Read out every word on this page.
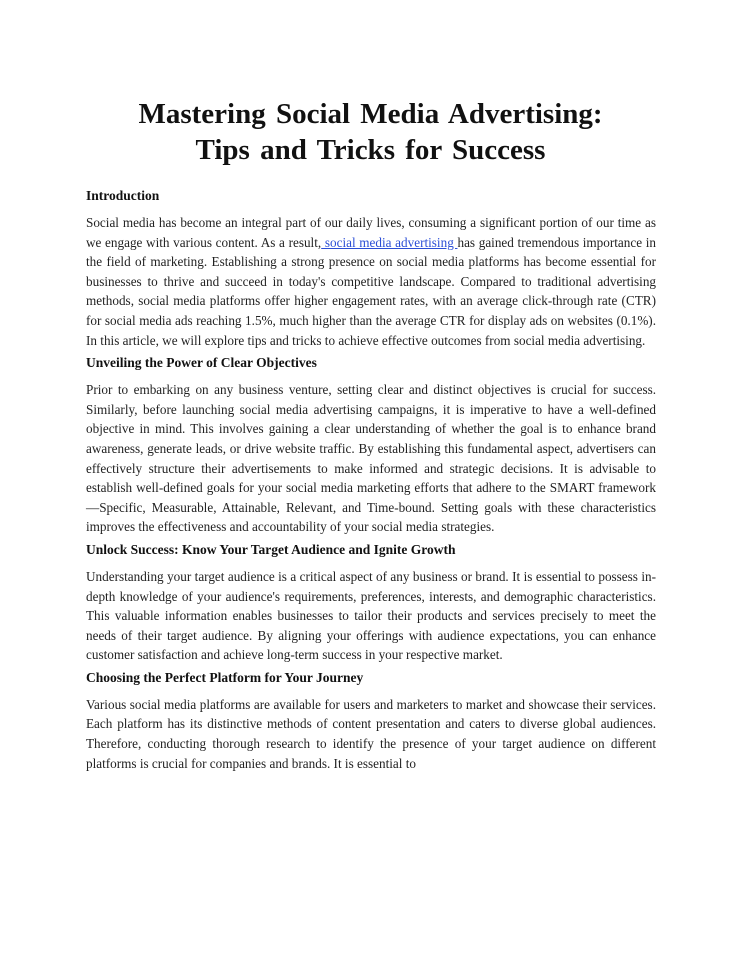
Mastering Social Media Advertising:
Tips and Tricks for Success
Introduction

Social media has become an integral part of our daily lives, consuming a significant portion of our time as we engage with various content. As a result, social media advertising has gained tremendous importance in the field of marketing. Establishing a strong presence on social media platforms has become essential for businesses to thrive and succeed in today's competitive landscape. Compared to traditional advertising methods, social media platforms offer higher engagement rates, with an average click-through rate (CTR) for social media ads reaching 1.5%, much higher than the average CTR for display ads on websites (0.1%). In this article, we will explore tips and tricks to achieve effective outcomes from social media advertising.

Unveiling the Power of Clear Objectives

Prior to embarking on any business venture, setting clear and distinct objectives is crucial for success. Similarly, before launching social media advertising campaigns, it is imperative to have a well-defined objective in mind. This involves gaining a clear understanding of whether the goal is to enhance brand awareness, generate leads, or drive website traffic. By establishing this fundamental aspect, advertisers can effectively structure their advertisements to make informed and strategic decisions. It is advisable to establish well-defined goals for your social media marketing efforts that adhere to the SMART framework—Specific, Measurable, Attainable, Relevant, and Time-bound. Setting goals with these characteristics improves the effectiveness and accountability of your social media strategies.

Unlock Success: Know Your Target Audience and Ignite Growth

Understanding your target audience is a critical aspect of any business or brand. It is essential to possess in-depth knowledge of your audience's requirements, preferences, interests, and demographic characteristics. This valuable information enables businesses to tailor their products and services precisely to meet the needs of their target audience. By aligning your offerings with audience expectations, you can enhance customer satisfaction and achieve long-term success in your respective market.

Choosing the Perfect Platform for Your Journey

Various social media platforms are available for users and marketers to market and showcase their services. Each platform has its distinctive methods of content presentation and caters to diverse global audiences. Therefore, conducting thorough research to identify the presence of your target audience on different platforms is crucial for companies and brands. It is essential to
